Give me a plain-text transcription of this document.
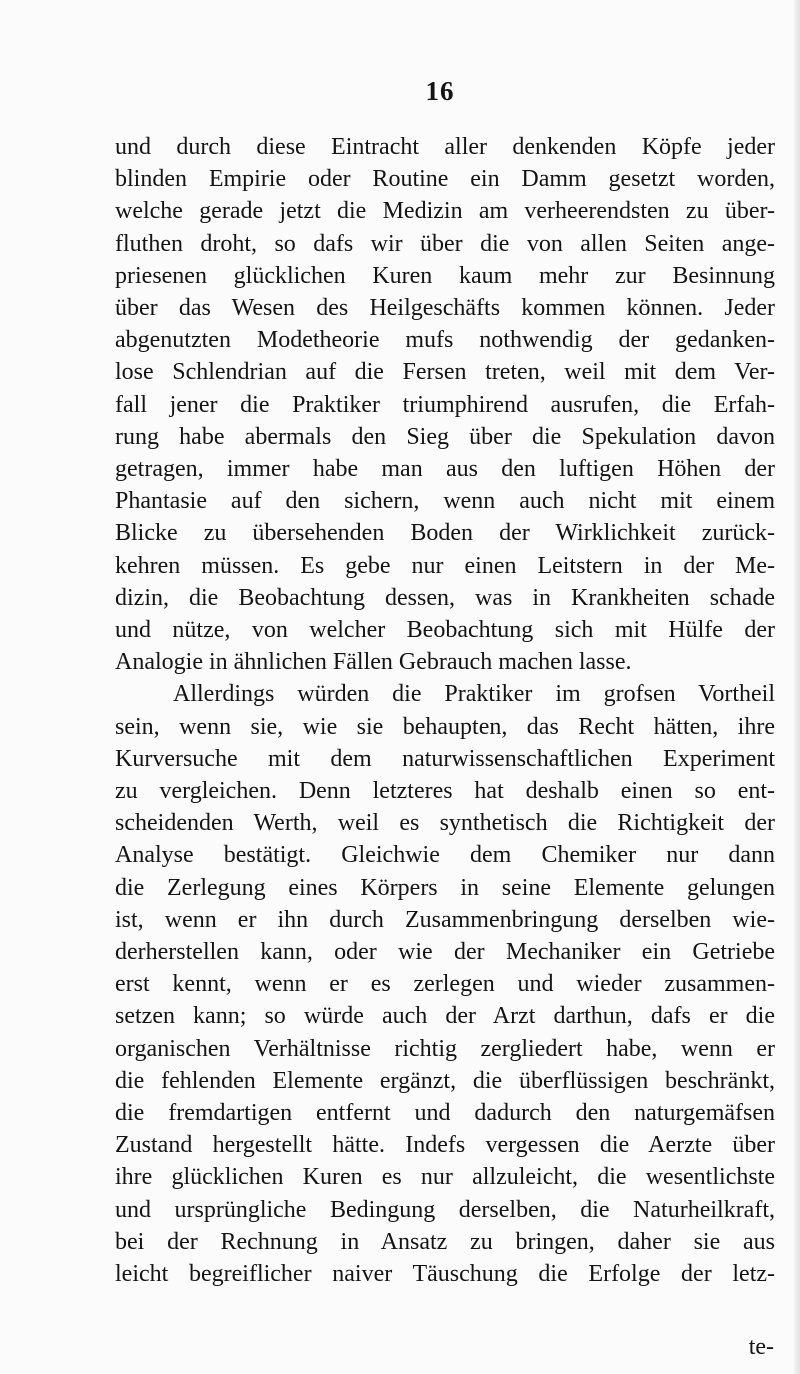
16
und durch diese Eintracht aller denkenden Köpfe jeder
blinden Empirie oder Routine ein Damm gesetzt worden,
welche gerade jetzt die Medizin am verheerendsten zu über-
fluthen droht, so dafs wir über die von allen Seiten ange-
priesenen glücklichen Kuren kaum mehr zur Besinnung
über das Wesen des Heilgeschäfts kommen können. Jeder
abgenutzten Modetheorie mufs nothwendig der gedanken-
lose Schlendrian auf die Fersen treten, weil mit dem Ver-
fall jener die Praktiker triumphirend ausrufen, die Erfah-
rung habe abermals den Sieg über die Spekulation davon
getragen, immer habe man aus den luftigen Höhen der
Phantasie auf den sichern, wenn auch nicht mit einem
Blicke zu übersehenden Boden der Wirklichkeit zurück-
kehren müssen. Es gebe nur einen Leitstern in der Me-
dizin, die Beobachtung dessen, was in Krankheiten schade
und nütze, von welcher Beobachtung sich mit Hülfe der
Analogie in ähnlichen Fällen Gebrauch machen lasse.
Allerdings würden die Praktiker im grofsen Vortheil
sein, wenn sie, wie sie behaupten, das Recht hätten, ihre
Kurversuche mit dem naturwissenschaftlichen Experiment
zu vergleichen. Denn letzteres hat deshalb einen so ent-
scheidenden Werth, weil es synthetisch die Richtigkeit der
Analyse bestätigt. Gleichwie dem Chemiker nur dann
die Zerlegung eines Körpers in seine Elemente gelungen
ist, wenn er ihn durch Zusammenbringung derselben wie-
derherstellen kann, oder wie der Mechaniker ein Getriebe
erst kennt, wenn er es zerlegen und wieder zusammen-
setzen kann; so würde auch der Arzt darthun, dafs er die
organischen Verhältnisse richtig zergliedert habe, wenn er
die fehlenden Elemente ergänzt, die überflüssigen beschränkt,
die fremdartigen entfernt und dadurch den naturgemäfsen
Zustand hergestellt hätte. Indefs vergessen die Aerzte über
ihre glücklichen Kuren es nur allzuleicht, die wesentlichste
und ursprüngliche Bedingung derselben, die Naturheilkraft,
bei der Rechnung in Ansatz zu bringen, daher sie aus
leicht begreiflicher naiver Täuschung die Erfolge der letz-
te-
